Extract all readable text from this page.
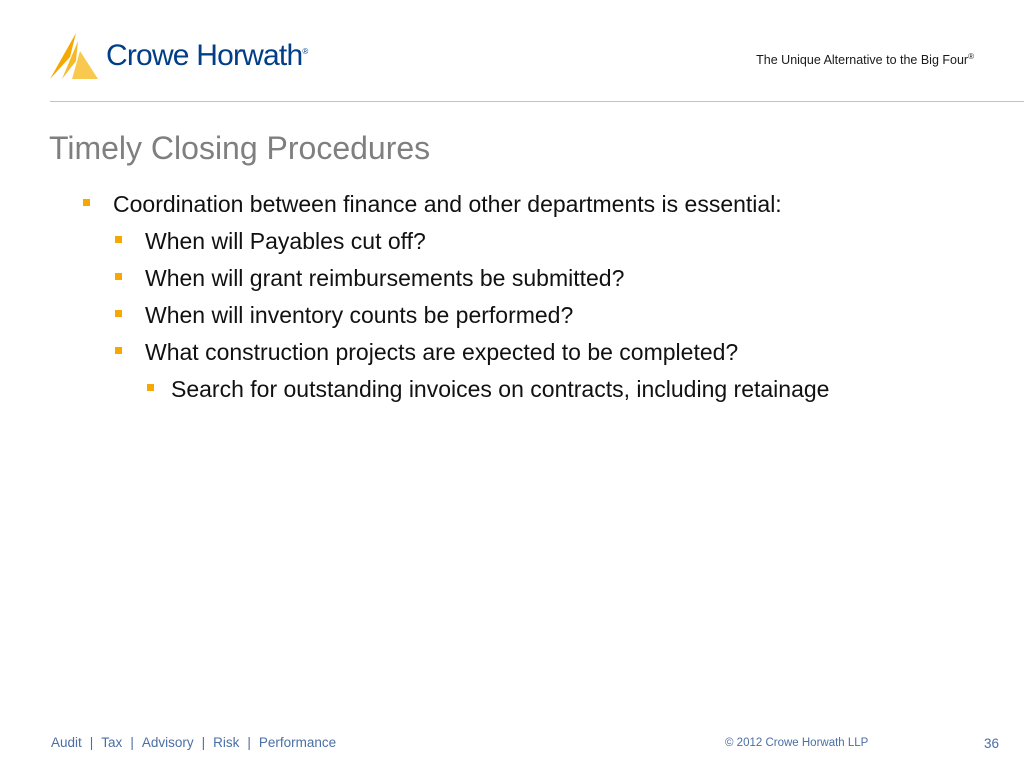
Crowe Horwath®
The Unique Alternative to the Big Four®
Timely Closing Procedures
Coordination between finance and other departments is essential:
When will Payables cut off?
When will grant reimbursements be submitted?
When will inventory counts be performed?
What construction projects are expected to be completed?
Search for outstanding invoices on contracts, including retainage
Audit | Tax | Advisory | Risk | Performance	© 2012 Crowe Horwath LLP	36
